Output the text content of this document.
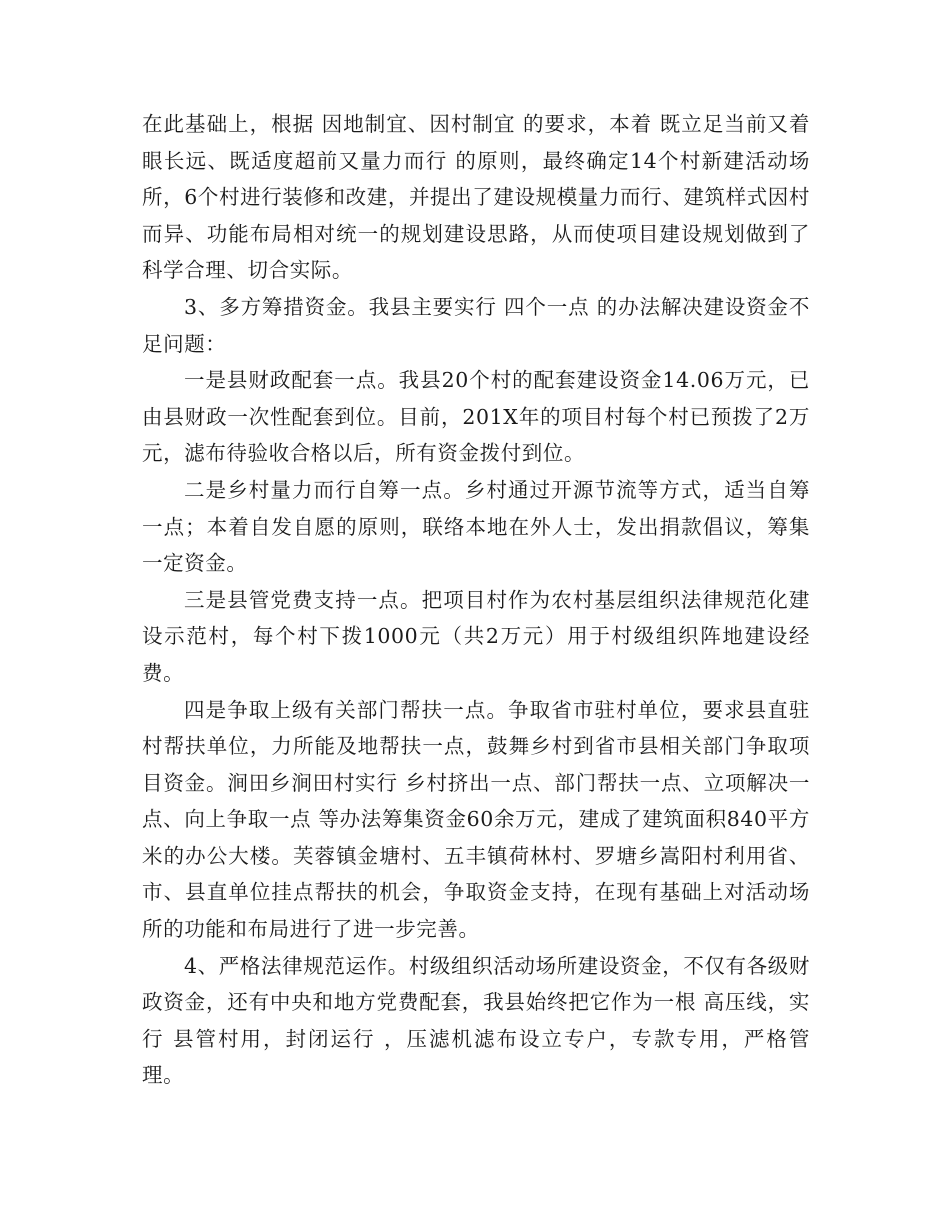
在此基础上，根据 因地制宜、因村制宜 的要求，本着 既立足当前又着眼长远、既适度超前又量力而行 的原则，最终确定14个村新建活动场所，6个村进行装修和改建，并提出了建设规模量力而行、建筑样式因村而异、功能布局相对统一的规划建设思路，从而使项目建设规划做到了科学合理、切合实际。

3、多方筹措资金。我县主要实行 四个一点 的办法解决建设资金不足问题：

一是县财政配套一点。我县20个村的配套建设资金14.06万元，已由县财政一次性配套到位。目前，201X年的项目村每个村已预拨了2万元，滤布待验收合格以后，所有资金拨付到位。

二是乡村量力而行自筹一点。乡村通过开源节流等方式，适当自筹一点；本着自发自愿的原则，联络本地在外人士，发出捐款倡议，筹集一定资金。

三是县管党费支持一点。把项目村作为农村基层组织法律规范化建设示范村，每个村下拨1000元（共2万元）用于村级组织阵地建设经费。

四是争取上级有关部门帮扶一点。争取省市驻村单位，要求县直驻村帮扶单位，力所能及地帮扶一点，鼓舞乡村到省市县相关部门争取项目资金。涧田乡涧田村实行 乡村挤出一点、部门帮扶一点、立项解决一点、向上争取一点 等办法筹集资金60余万元，建成了建筑面积840平方米的办公大楼。芙蓉镇金塘村、五丰镇荷林村、罗塘乡嵩阳村利用省、市、县直单位挂点帮扶的机会，争取资金支持，在现有基础上对活动场所的功能和布局进行了进一步完善。

4、严格法律规范运作。村级组织活动场所建设资金，不仅有各级财政资金，还有中央和地方党费配套，我县始终把它作为一根 高压线，实行 县管村用，封闭运行 ，压滤机滤布设立专户，专款专用，严格管理。
